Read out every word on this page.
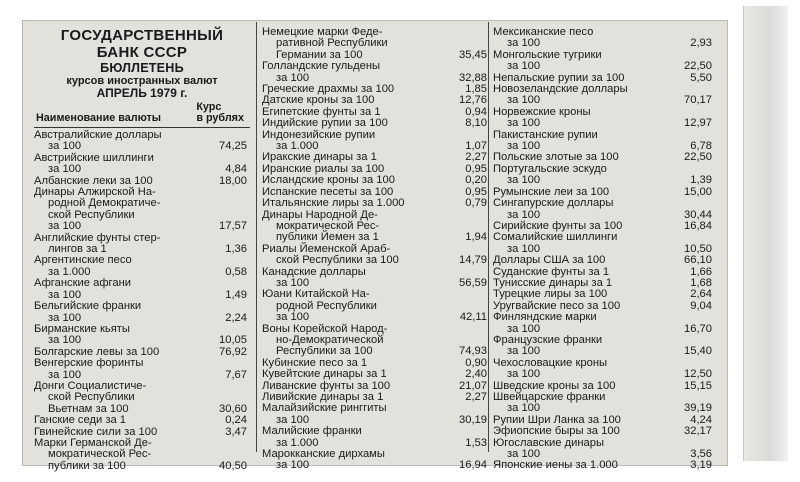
ГОСУДАРСТВЕННЫЙ
БАНК СССР
БЮЛЛЕТЕНЬ
курсов иностранных валют
АПРЕЛЬ 1979 г.
Наименование валюты
Курс
в рублях
Австралийские доллары
за 100	74,25
Австрийские шиллинги
за 100	4,84
Албанские леки за 100	18,00
Динары Алжирской На-
родной Демократиче-
ской Республики
за 100	17,57
Английские фунты стер-
лингов за 1	1,36
Аргентинские песо
за 1.000	0,58
Афганские афгани
за 100	1,49
Бельгийские франки
за 100	2,24
Бирманские кьяты
за 100	10,05
Болгарские левы за 100	76,92
Венгерские форинты
за 100	7,67
Донги Социалистиче-
ской Республики
Вьетнам за 100	30,60
Ганские седи за 1	0,24
Гвинейские сили за 100	3,47
Марки Германской Де-
мократической Рес-
публики за 100	40,50
Немецкие марки Феде-
ративной Республики
Германии за 100	35,45
Голландские гульдены
за 100	32,88
Греческие драхмы за 100	1,85
Датские кроны за 100	12,76
Египетские фунты за 1	0,94
Индийские рупии за 100	8,10
Индонезийские рупии
за 1.000	1,07
Иракские динары за 1	2,27
Иранские риалы за 100	0,95
Исландские кроны за 100	0,20
Испанские песеты за 100	0,95
Итальянские лиры за 1.000	0,79
Динары Народной Де-
мократической Рес-
публики Йемен за 1	1,94
Риалы Йеменской Араб-
ской Республики за 100	14,79
Канадские доллары
за 100	56,59
Юани Китайской На-
родной Республики
за 100	42,11
Воны Корейской Народ-
но-Демократической
Республики за 100	74,93
Кубинские песо за 1	0,90
Кувейтские динары за 1	2,40
Ливанские фунты за 100	21,07
Ливийские динары за 1	2,27
Малайзийские ринггиты
за 100	30,19
Малийские франки
за 1.000	1,53
Марокканские дирхамы
за 100	16,94
Мексиканские песо
за 100	2,93
Монгольские тугрики
за 100	22,50
Непальские рупии за 100	5,50
Новозеландские доллары
за 100	70,17
Норвежские кроны
за 100	12,97
Пакистанские рупии
за 100	6,78
Польские злотые за 100	22,50
Португальские эскудо
за 100	1,39
Румынские леи за 100	15,00
Сингапурские доллары
за 100	30,44
Сирийские фунты за 100	16,84
Сомалийские шиллинги
за 100	10,50
Доллары США за 100	66,10
Суданские фунты за 1	1,66
Тунисские динары за 1	1,68
Турецкие лиры за 100	2,64
Уругвайские песо за 100	9,04
Финляндские марки
за 100	16,70
Французские франки
за 100	15,40
Чехословацкие кроны
за 100	12,50
Шведские кроны за 100	15,15
Швейцарские франки
за 100	39,19
Рупии Шри Ланка за 100	4,24
Эфиопские быры за 100	32,17
Югославские динары
за 100	3,56
Японские иены за 1.000	3,19
